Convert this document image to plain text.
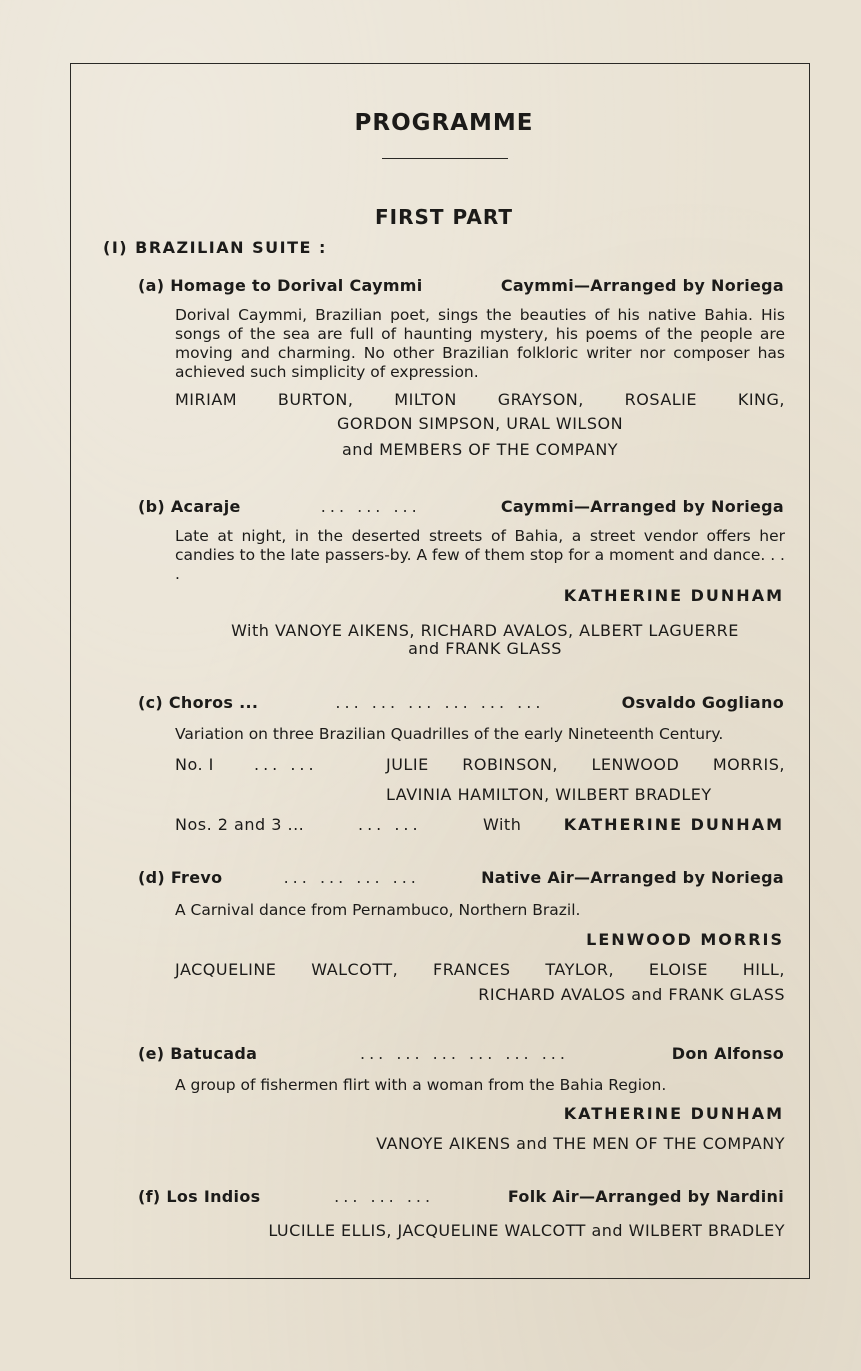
PROGRAMME
FIRST PART
(I) BRAZILIAN SUITE :
(a) Homage to Dorival Caymmi	Caymmi—Arranged by Noriega
Dorival Caymmi, Brazilian poet, sings the beauties of his native Bahia. His songs of the sea are full of haunting mystery, his poems of the people are moving and charming. No other Brazilian folkloric writer nor composer has achieved such simplicity of expression.
MIRIAM	BURTON,	MILTON	GRAYSON,	ROSALIE	KING,
GORDON SIMPSON, URAL WILSON
and MEMBERS OF THE COMPANY
(b) Acaraje	... ... ...	Caymmi—Arranged by Noriega
Late at night, in the deserted streets of Bahia, a street vendor offers her candies to the late passers-by. A few of them stop for a moment and dance. . . .
KATHERINE DUNHAM
With VANOYE AIKENS, RICHARD AVALOS, ALBERT LAGUERRE
and FRANK GLASS
(c) Choros ...	... ... ... ... ... ...	Osvaldo Gogliano
Variation on three Brazilian Quadrilles of the early Nineteenth Century.
No. I	... ...	JULIE ROBINSON, LENWOOD MORRIS,
LAVINIA HAMILTON, WILBERT BRADLEY
Nos. 2 and 3 ...	... ...	With	KATHERINE DUNHAM
(d) Frevo	... ... ... ...	Native Air—Arranged by Noriega
A Carnival dance from Pernambuco, Northern Brazil.
LENWOOD MORRIS
JACQUELINE WALCOTT, FRANCES TAYLOR, ELOISE HILL,
RICHARD AVALOS and FRANK GLASS
(e) Batucada	... ... ... ... ... ...	Don Alfonso
A group of fishermen flirt with a woman from the Bahia Region.
KATHERINE DUNHAM
VANOYE AIKENS and THE MEN OF THE COMPANY
(f) Los Indios	... ... ...	Folk Air—Arranged by Nardini
LUCILLE ELLIS, JACQUELINE WALCOTT and WILBERT BRADLEY
